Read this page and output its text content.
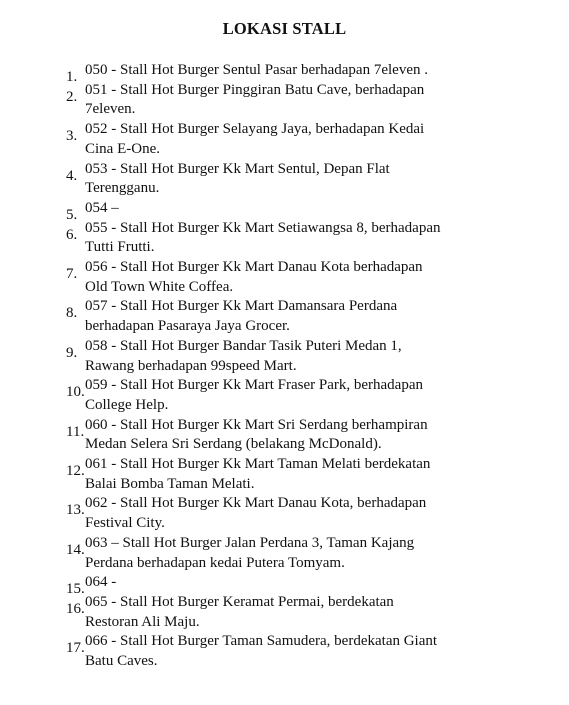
LOKASI STALL
1. 050 - Stall Hot Burger Sentul Pasar berhadapan 7eleven .
2. 051 - Stall Hot Burger Pinggiran Batu Cave, berhadapan
7eleven.
3. 052 - Stall Hot Burger Selayang Jaya, berhadapan Kedai
Cina E-One.
4. 053 - Stall Hot Burger Kk Mart Sentul, Depan Flat
Terengganu.
5. 054 –
6. 055 - Stall Hot Burger Kk Mart Setiawangsa 8, berhadapan
Tutti Frutti.
7. 056 - Stall Hot Burger Kk Mart Danau Kota berhadapan
Old Town White Coffea.
8. 057 - Stall Hot Burger Kk Mart Damansara Perdana
berhadapan Pasaraya Jaya Grocer.
9. 058 - Stall Hot Burger Bandar Tasik Puteri Medan 1,
Rawang berhadapan 99speed Mart.
10. 059 - Stall Hot Burger Kk Mart Fraser Park, berhadapan
College Help.
11. 060 - Stall Hot Burger Kk Mart Sri Serdang berhampiran
Medan Selera Sri Serdang (belakang McDonald).
12. 061 - Stall Hot Burger Kk Mart Taman Melati berdekatan
Balai Bomba Taman Melati.
13. 062 - Stall Hot Burger Kk Mart Danau Kota, berhadapan
Festival City.
14. 063 – Stall Hot Burger Jalan Perdana 3, Taman Kajang
Perdana berhadapan kedai Putera Tomyam.
15. 064 -
16. 065 - Stall Hot Burger Keramat Permai, berdekatan
Restoran Ali Maju.
17. 066 - Stall Hot Burger Taman Samudera, berdekatan Giant
Batu Caves.
